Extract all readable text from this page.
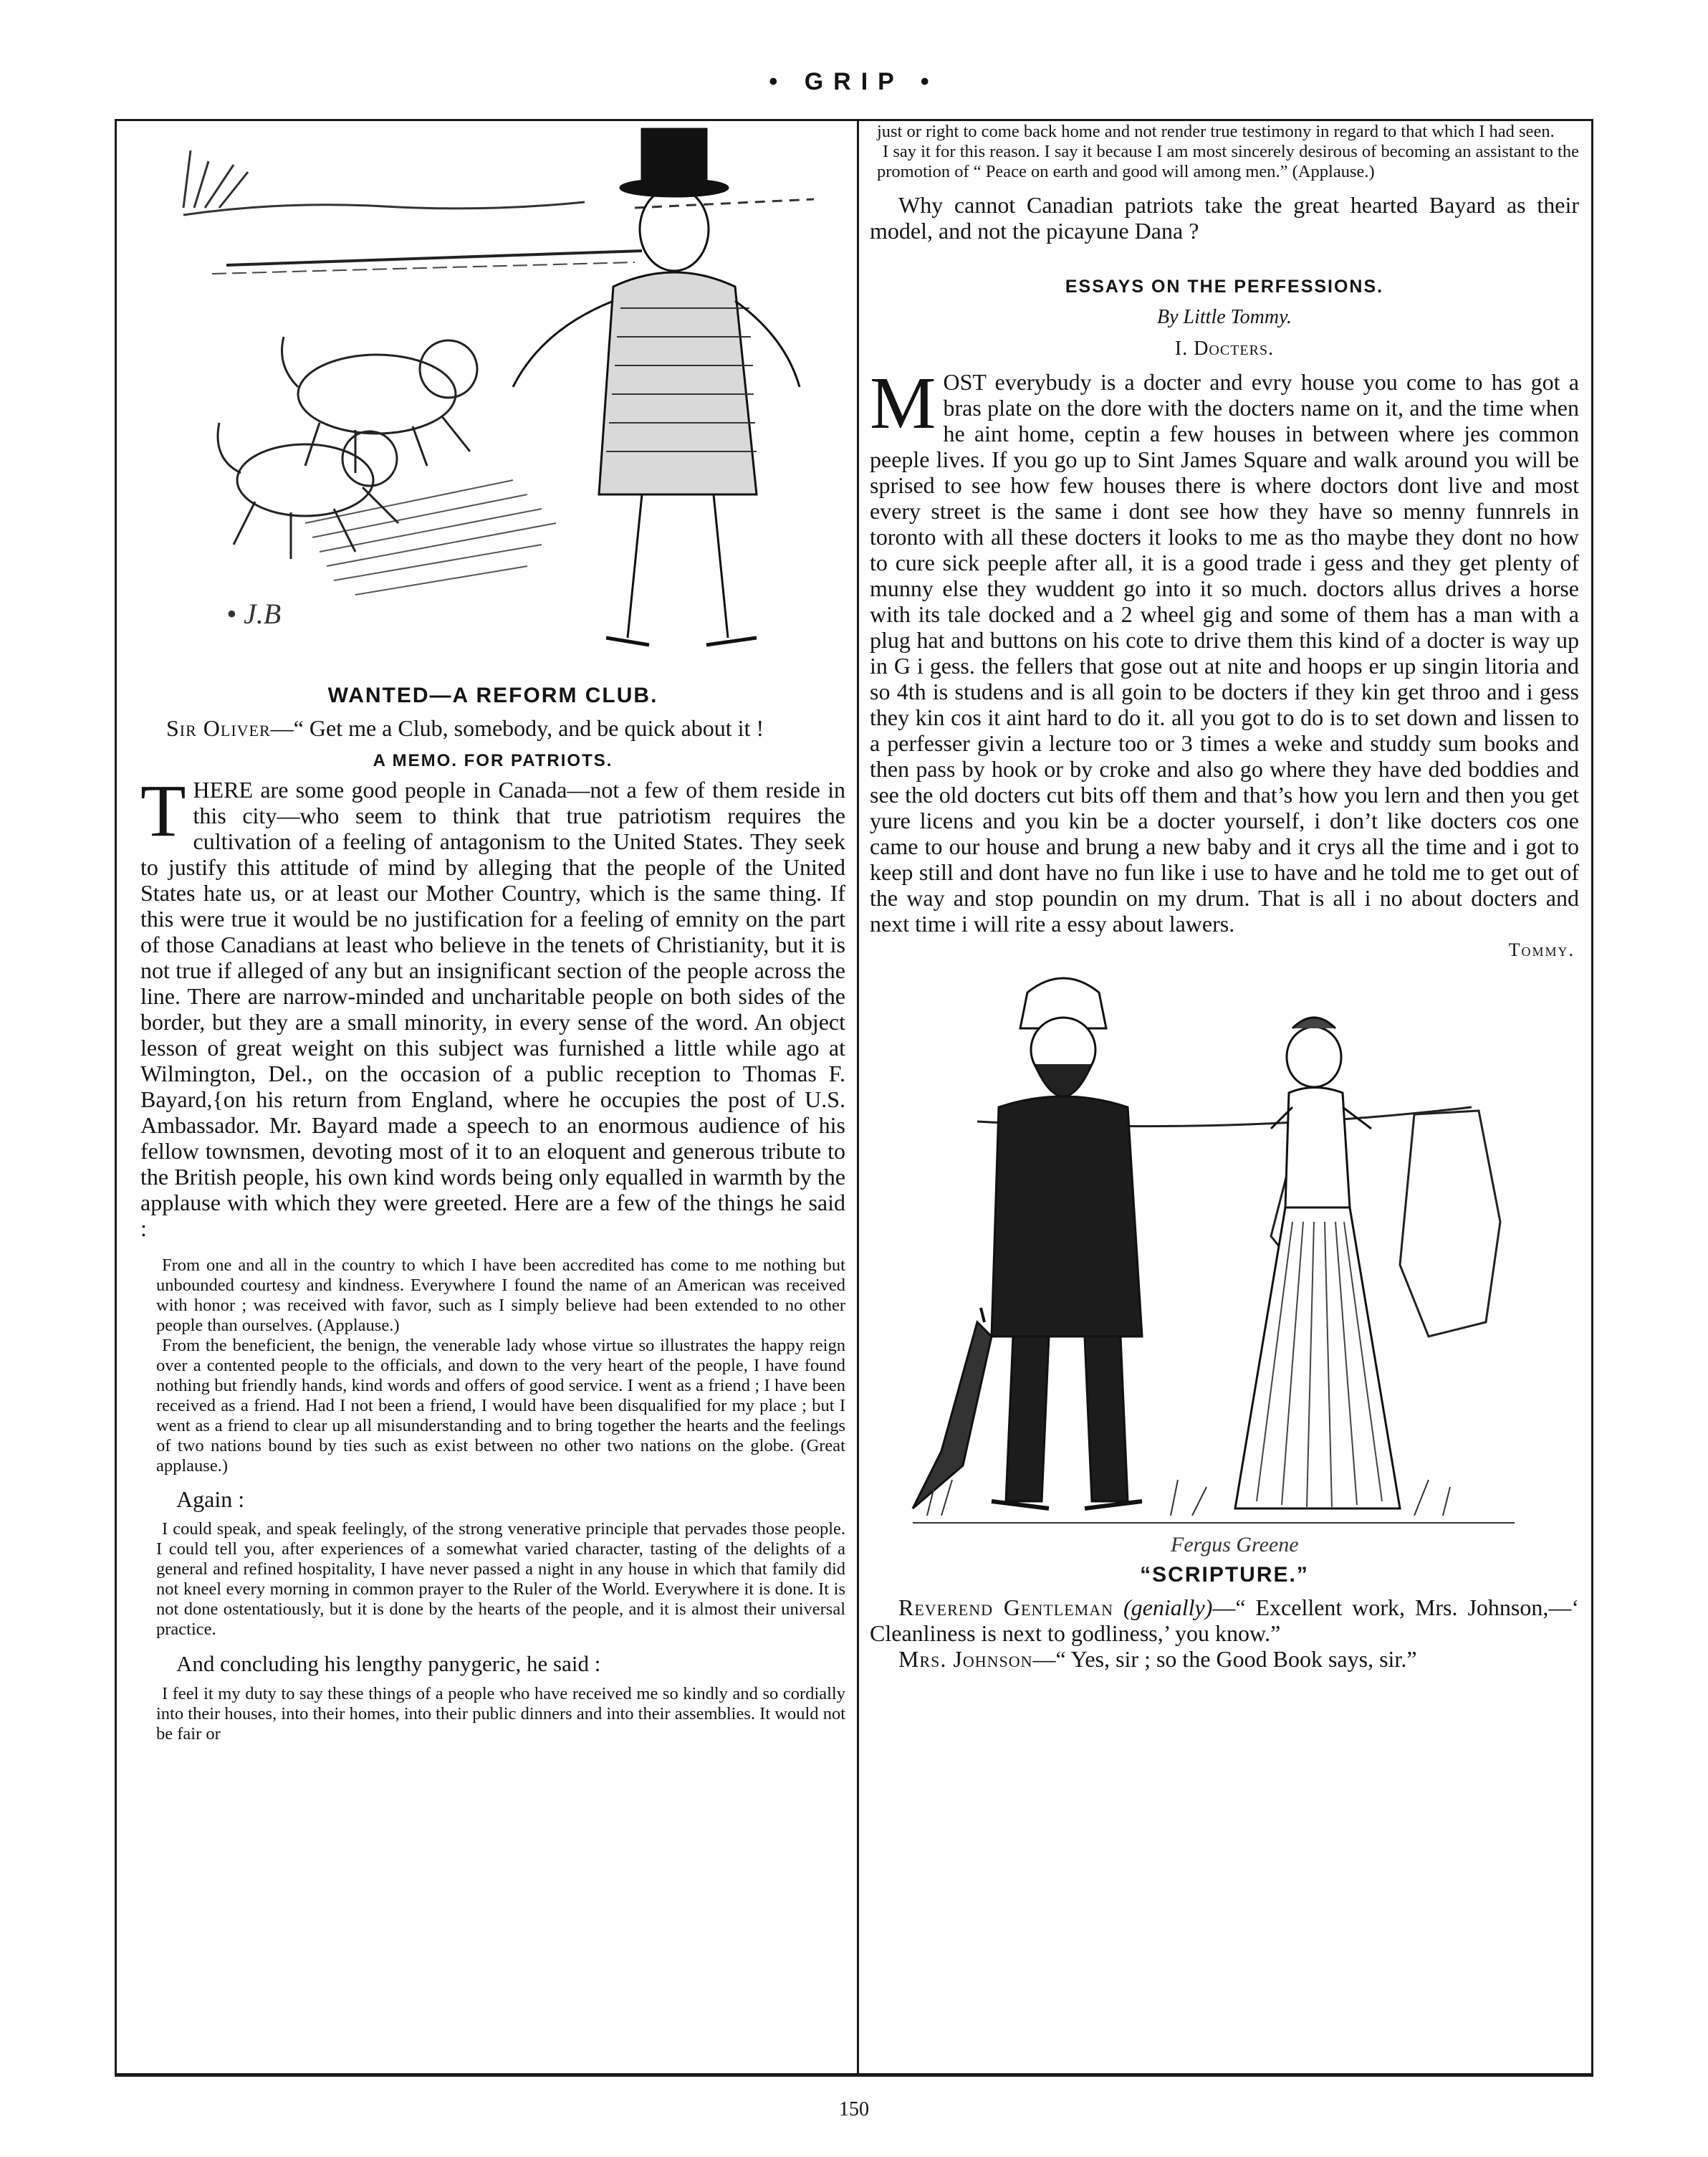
• GRIP •
• J.B
WANTED—A REFORM CLUB.

Sir Oliver—“ Get me a Club, somebody, and be quick about it !

A MEMO. FOR PATRIOTS.

THERE are some good people in Canada—not a few of them reside in this city—who seem to think that true patriotism requires the cultivation of a feeling of antagonism to the United States. They seek to justify this attitude of mind by alleging that the people of the United States hate us, or at least our Mother Country, which is the same thing. If this were true it would be no justification for a feeling of emnity on the part of those Canadians at least who believe in the tenets of Christianity, but it is not true if alleged of any but an insignificant section of the people across the line. There are narrow-minded and uncharitable people on both sides of the border, but they are a small minority, in every sense of the word. An object lesson of great weight on this subject was furnished a little while ago at Wilmington, Del., on the occasion of a public reception to Thomas F. Bayard,{on his return from England, where he occupies the post of U.S. Ambassador. Mr. Bayard made a speech to an enormous audience of his fellow townsmen, devoting most of it to an eloquent and generous tribute to the British people, his own kind words being only equalled in warmth by the applause with which they were greeted. Here are a few of the things he said :

From one and all in the country to which I have been accredited has come to me nothing but unbounded courtesy and kindness. Everywhere I found the name of an American was received with honor ; was received with favor, such as I simply believe had been extended to no other people than ourselves. (Applause.)

From the beneficient, the benign, the venerable lady whose virtue so illustrates the happy reign over a contented people to the officials, and down to the very heart of the people, I have found nothing but friendly hands, kind words and offers of good service. I went as a friend ; I have been received as a friend. Had I not been a friend, I would have been disqualified for my place ; but I went as a friend to clear up all misunderstanding and to bring together the hearts and the feelings of two nations bound by ties such as exist between no other two nations on the globe. (Great applause.)

Again :

I could speak, and speak feelingly, of the strong venerative principle that pervades those people. I could tell you, after experiences of a somewhat varied character, tasting of the delights of a general and refined hospitality, I have never passed a night in any house in which that family did not kneel every morning in common prayer to the Ruler of the World. Everywhere it is done. It is not done ostentatiously, but it is done by the hearts of the people, and it is almost their universal practice.

And concluding his lengthy panygeric, he said :

I feel it my duty to say these things of a people who have received me so kindly and so cordially into their houses, into their homes, into their public dinners and into their assemblies. It would not be fair or

just or right to come back home and not render true testimony in regard to that which I had seen.

I say it for this reason. I say it because I am most sincerely desirous of becoming an assistant to the promotion of “ Peace on earth and good will among men.” (Applause.)

Why cannot Canadian patriots take the great hearted Bayard as their model, and not the picayune Dana ?

ESSAYS ON THE PERFESSIONS.
By Little Tommy.
I. Docters.

MOST everybudy is a docter and evry house you come to has got a bras plate on the dore with the docters name on it, and the time when he aint home, ceptin a few houses in between where jes common peeple lives. If you go up to Sint James Square and walk around you will be sprised to see how few houses there is where doctors dont live and most every street is the same i dont see how they have so menny funnrels in toronto with all these docters it looks to me as tho maybe they dont no how to cure sick peeple after all, it is a good trade i gess and they get plenty of munny else they wuddent go into it so much. doctors allus drives a horse with its tale docked and a 2 wheel gig and some of them has a man with a plug hat and buttons on his cote to drive them this kind of a docter is way up in G i gess. the fellers that gose out at nite and hoops er up singin litoria and so 4th is studens and is all goin to be docters if they kin get throo and i gess they kin cos it aint hard to do it. all you got to do is to set down and lissen to a perfesser givin a lecture too or 3 times a weke and studdy sum books and then pass by hook or by croke and also go where they have ded boddies and see the old docters cut bits off them and that’s how you lern and then you get yure licens and you kin be a docter yourself, i don’t like docters cos one came to our house and brung a new baby and it crys all the time and i got to keep still and dont have no fun like i use to have and he told me to get out of the way and stop poundin on my drum. That is all i no about docters and next time i will rite a essy about lawers.

Tommy.
Fergus Greene
“SCRIPTURE.”

Reverend Gentleman (genially)—“ Excellent work, Mrs. Johnson,—‘ Cleanliness is next to godliness,’ you know.”

Mrs. Johnson—“ Yes, sir ; so the Good Book says, sir.”

150
